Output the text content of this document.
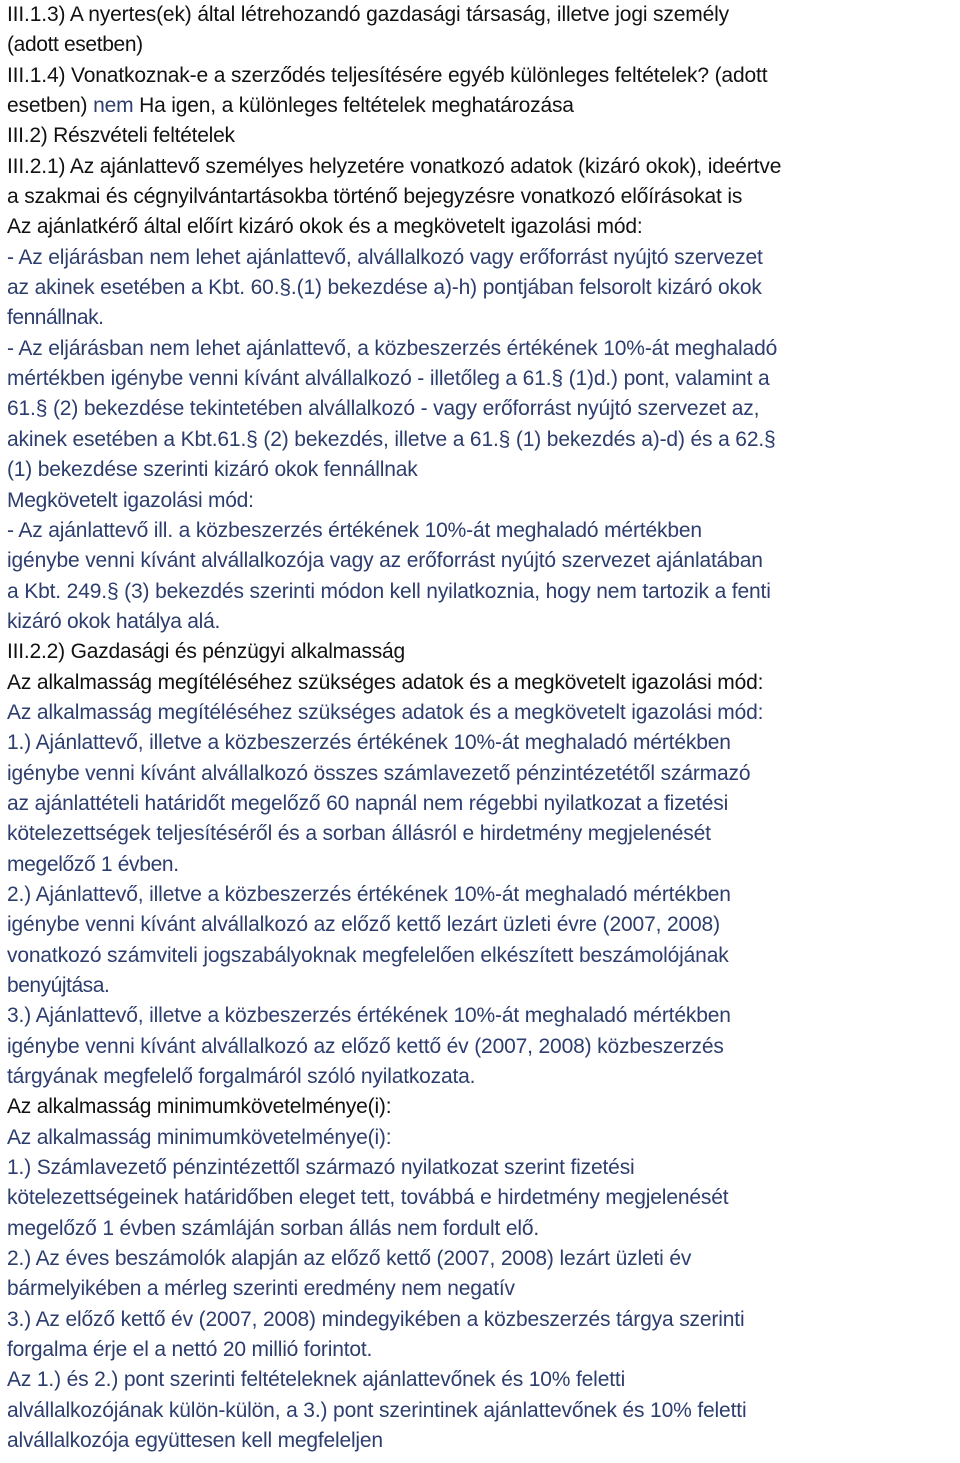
III.1.3) A nyertes(ek) által létrehozandó gazdasági társaság, illetve jogi személy
(adott esetben)
III.1.4) Vonatkoznak-e a szerződés teljesítésére egyéb különleges feltételek? (adott
esetben) nem Ha igen, a különleges feltételek meghatározása
III.2) Részvételi feltételek
III.2.1) Az ajánlattevő személyes helyzetére vonatkozó adatok (kizáró okok), ideértve
a szakmai és cégnyilvántartásokba történő bejegyzésre vonatkozó előírásokat is
Az ajánlatkérő által előírt kizáró okok és a megkövetelt igazolási mód:
- Az eljárásban nem lehet ajánlattevő, alvállalkozó vagy erőforrást nyújtó szervezet
az akinek esetében a Kbt. 60.§.(1) bekezdése a)-h) pontjában felsorolt kizáró okok
fennállnak.
- Az eljárásban nem lehet ajánlattevő, a közbeszerzés értékének 10%-át meghaladó
mértékben igénybe venni kívánt alvállalkozó - illetőleg a 61.§ (1)d.) pont, valamint a
61.§ (2) bekezdése tekintetében alvállalkozó - vagy erőforrást nyújtó szervezet az,
akinek esetében a Kbt.61.§ (2) bekezdés, illetve a 61.§ (1) bekezdés a)-d) és a 62.§
(1) bekezdése szerinti kizáró okok fennállnak
Megkövetelt igazolási mód:
- Az ajánlattevő ill. a közbeszerzés értékének 10%-át meghaladó mértékben
igénybe venni kívánt alvállalkozója vagy az erőforrást nyújtó szervezet ajánlatában
a Kbt. 249.§ (3) bekezdés szerinti módon kell nyilatkoznia, hogy nem tartozik a fenti
kizáró okok hatálya alá.
III.2.2) Gazdasági és pénzügyi alkalmasság
Az alkalmasság megítéléséhez szükséges adatok és a megkövetelt igazolási mód:
Az alkalmasság megítéléséhez szükséges adatok és a megkövetelt igazolási mód:
1.) Ajánlattevő, illetve a közbeszerzés értékének 10%-át meghaladó mértékben
igénybe venni kívánt alvállalkozó összes számlavezető pénzintézetétől származó
az ajánlattételi határidőt megelőző 60 napnál nem régebbi nyilatkozat a fizetési
kötelezettségek teljesítéséről és a sorban állásról e hirdetmény megjelenését
megelőző 1 évben.
2.) Ajánlattevő, illetve a közbeszerzés értékének 10%-át meghaladó mértékben
igénybe venni kívánt alvállalkozó az előző kettő lezárt üzleti évre (2007, 2008)
vonatkozó számviteli jogszabályoknak megfelelően elkészített beszámolójának
benyújtása.
3.) Ajánlattevő, illetve a közbeszerzés értékének 10%-át meghaladó mértékben
igénybe venni kívánt alvállalkozó az előző kettő év (2007, 2008) közbeszerzés
tárgyának megfelelő forgalmáról szóló nyilatkozata.
Az alkalmasság minimumkövetelménye(i):
Az alkalmasság minimumkövetelménye(i):
1.) Számlavezető pénzintézettől származó nyilatkozat szerint fizetési
kötelezettségeinek határidőben eleget tett, továbbá e hirdetmény megjelenését
megelőző 1 évben számláján sorban állás nem fordult elő.
2.) Az éves beszámolók alapján az előző kettő (2007, 2008) lezárt üzleti év
bármelyikében a mérleg szerinti eredmény nem negatív
3.) Az előző kettő év (2007, 2008) mindegyikében a közbeszerzés tárgya szerinti
forgalma érje el a nettó 20 millió forintot.
Az 1.) és 2.) pont szerinti feltételeknek ajánlattevőnek és 10% feletti
alvállalkozójának külön-külön, a 3.) pont szerintinek ajánlattevőnek és 10% feletti
alvállalkozója együttesen kell megfeleljen
